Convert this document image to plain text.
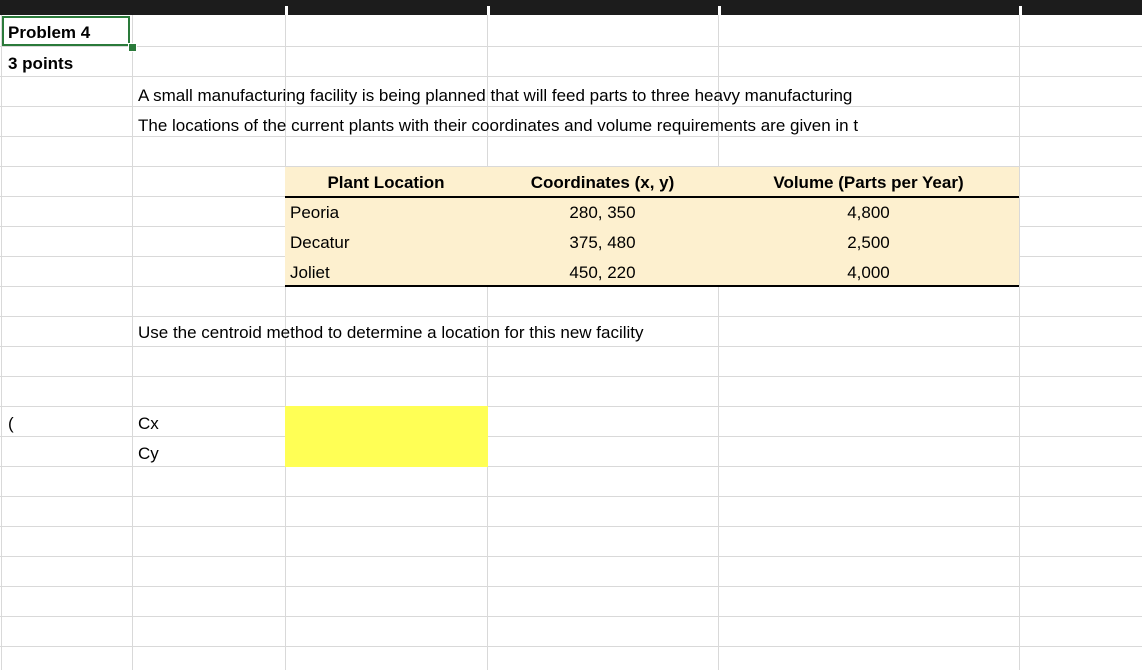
Problem 4
3 points
A small manufacturing facility is being planned that will feed parts to three heavy manufacturing
The locations of the current plants with their coordinates and volume requirements are given in t
Plant Location	Coordinates (x, y)	Volume (Parts per Year)
Peoria	280, 350	4,800
Decatur	375, 480	2,500
Joliet	450, 220	4,000
Use the centroid method to determine a location for this new facility
(	Cx
Cy
